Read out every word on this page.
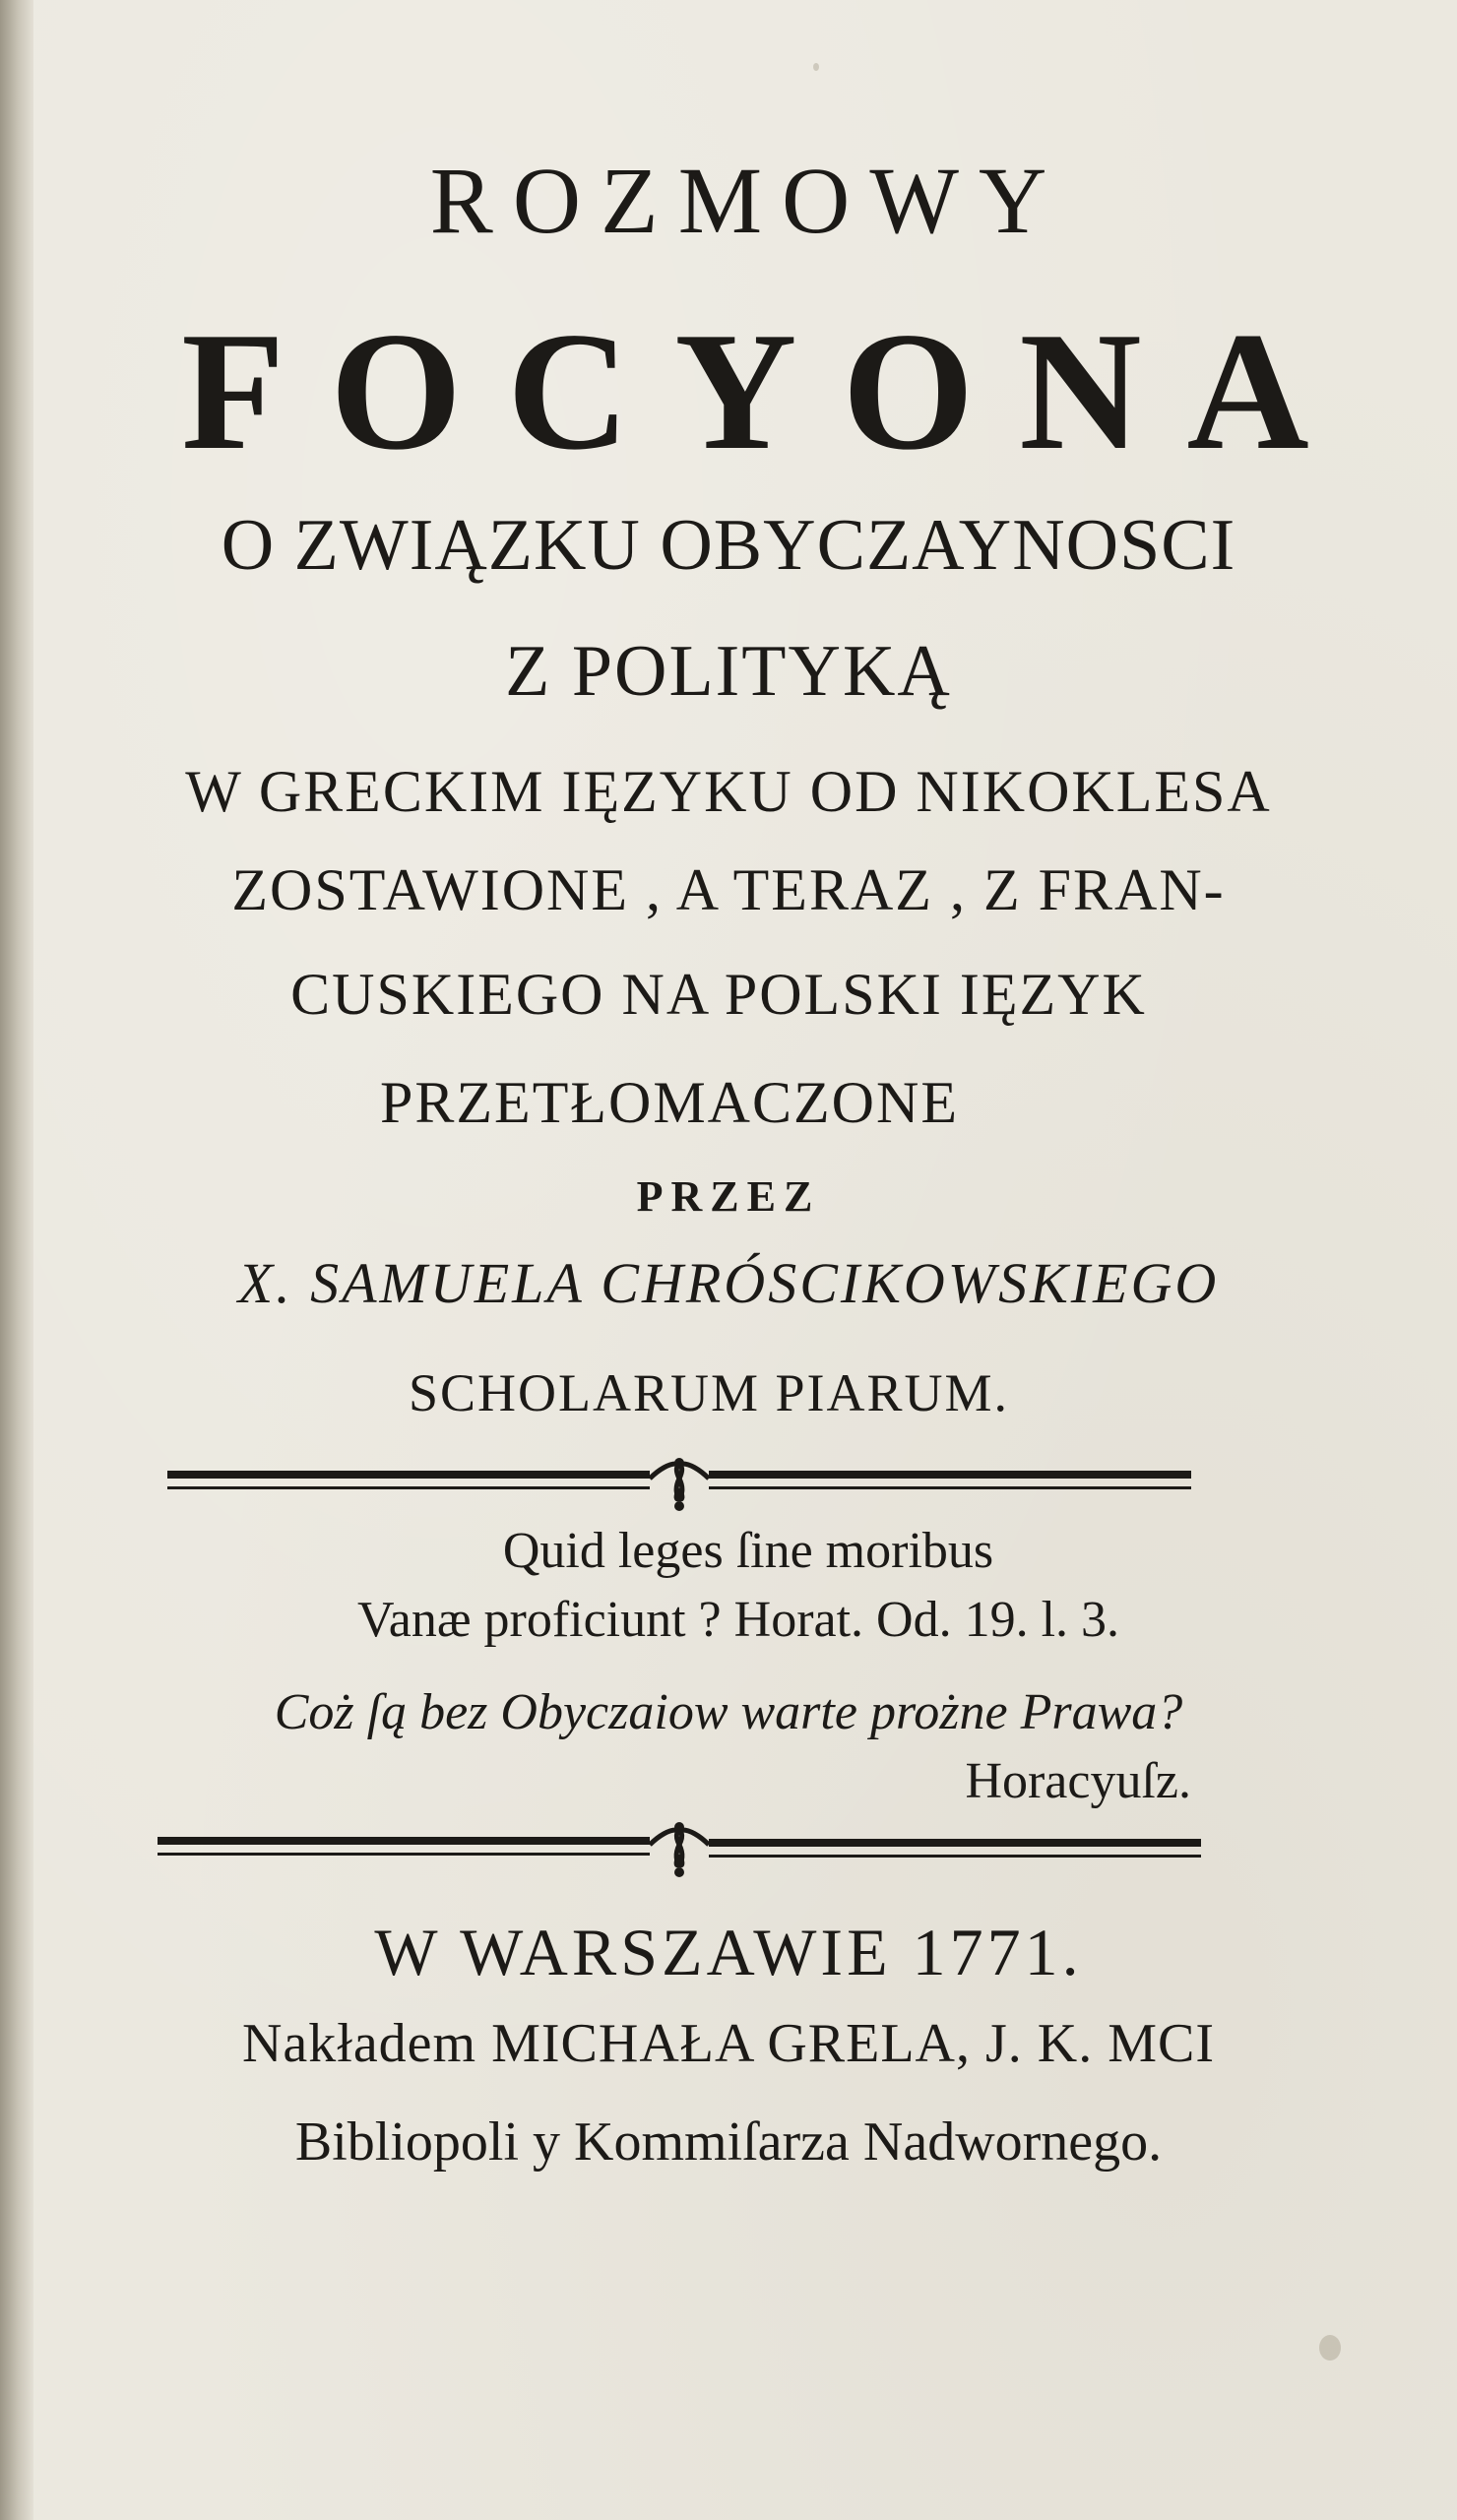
ROZMOWY

FOCYONA

O ZWIĄZKU OBYCZAYNOSCI

Z POLITYKĄ

W GRECKIM IĘZYKU OD NIKOKLESA

ZOSTAWIONE , A TERAZ , Z FRAN-

CUSKIEGO NA POLSKI IĘZYK

PRZETŁOMACZONE

PRZEZ

X. SAMUELA CHRÓSCIKOWSKIEGO

SCHOLARUM PIARUM.

Quid leges ſine moribus

Vanæ proficiunt ? Horat. Od. 19. l. 3.

Coż ſą bez Obyczaiow warte prożne Prawa?

Horacyuſz.

W WARSZAWIE 1771.

Nakładem MICHAŁA GRELA, J. K. MCI

Bibliopoli y Kommiſarza Nadwornego.
